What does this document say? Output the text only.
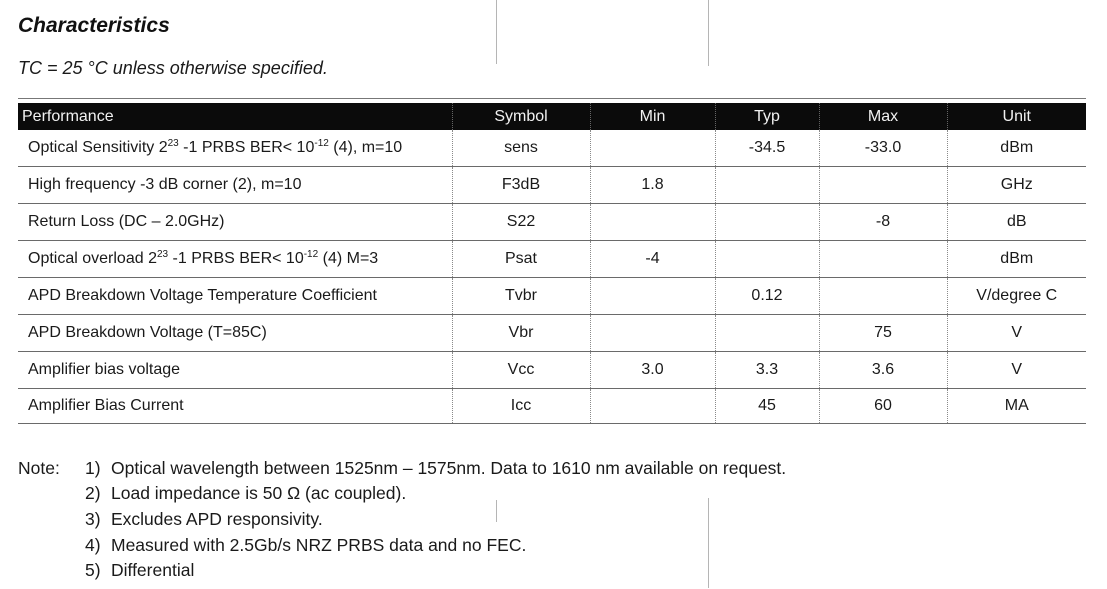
Characteristics
TC = 25 °C unless otherwise specified.
Performance	Symbol	Min	Typ	Max	Unit
Optical Sensitivity $2^{23}$ -1 PRBS $BER< 10^{-12}$ (4), m=10	sens		-34.5	-33.0	dBm
High frequency -3 dB corner (2), m=10	F3dB	1.8			GHz
Return Loss (DC – 2.0GHz)	S22			-8	dB
Optical overload $2^{23}$ -1 PRBS $BER< 10^{-12}$ (4) M=3	Psat	-4			dBm
APD Breakdown Voltage Temperature Coefficient	Tvbr		0.12		V/degree C
APD Breakdown Voltage (T=85C)	Vbr			75	V
Amplifier bias voltage	Vcc	3.0	3.3	3.6	V
Amplifier Bias Current	Icc		45	60	MA
Note: 1) Optical wavelength between 1525nm – 1575nm. Data to 1610 nm available on request.
2) Load impedance is 50 Ω (ac coupled).
3) Excludes APD responsivity.
4) Measured with 2.5Gb/s NRZ PRBS data and no FEC.
5) Differential
